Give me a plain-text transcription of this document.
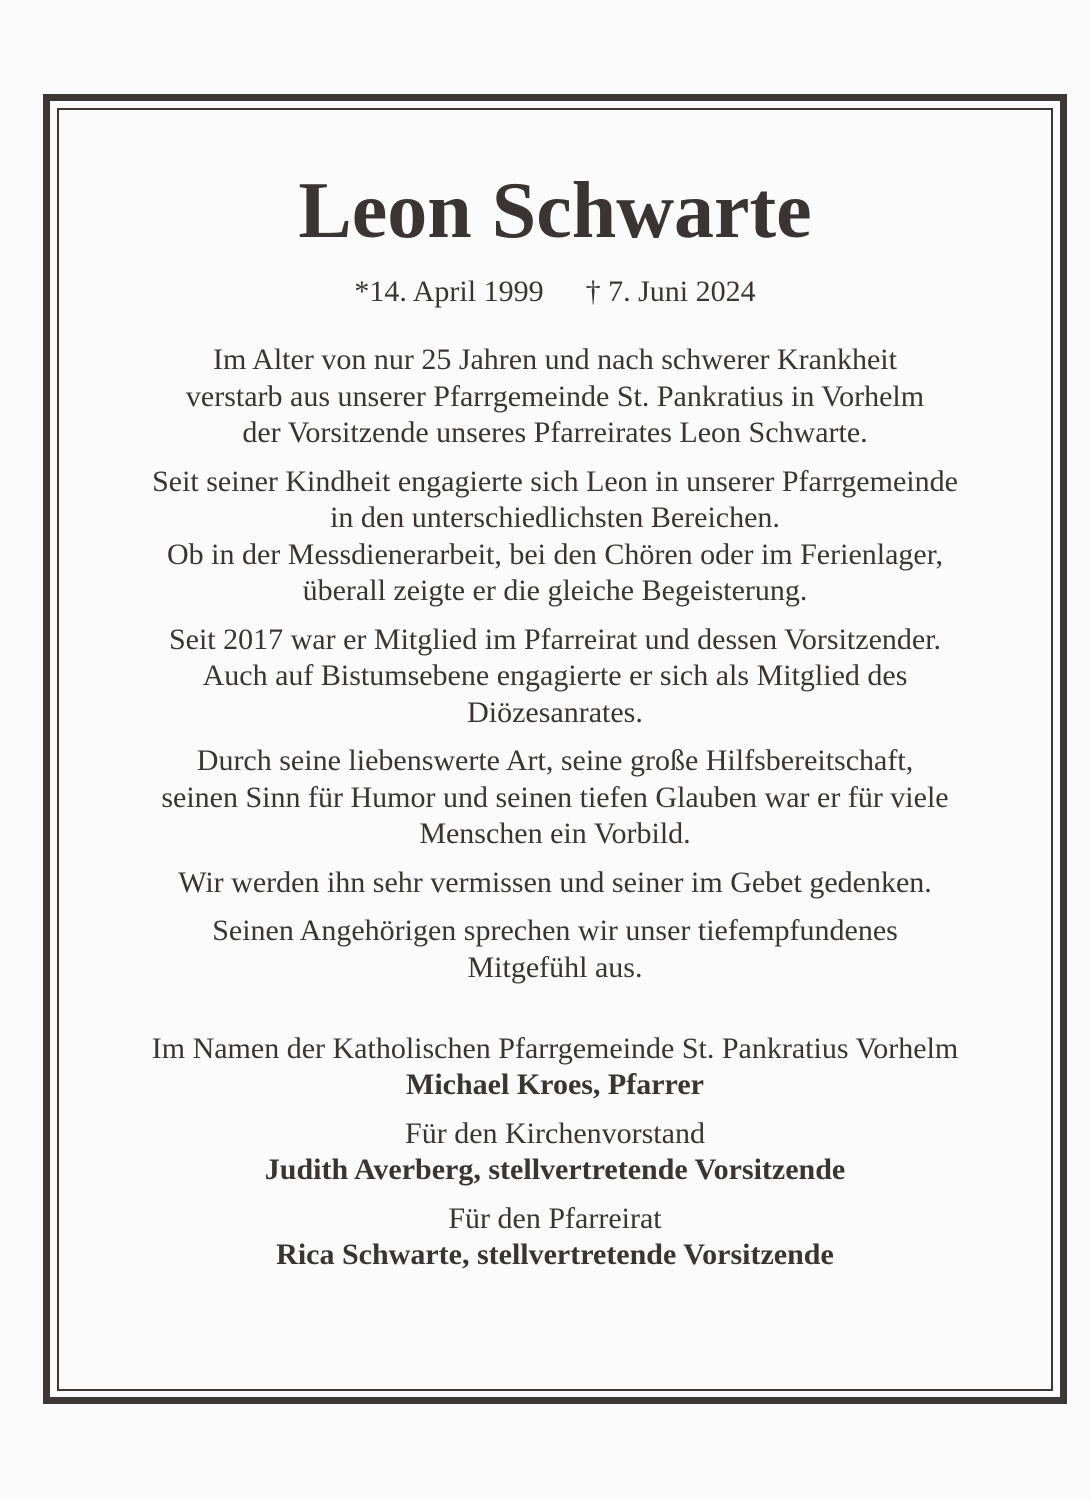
Leon Schwarte
*14. April 1999 † 7. Juni 2024
Im Alter von nur 25 Jahren und nach schwerer Krankheit
verstarb aus unserer Pfarrgemeinde St. Pankratius in Vorhelm
der Vorsitzende unseres Pfarreirates Leon Schwarte.
Seit seiner Kindheit engagierte sich Leon in unserer Pfarrgemeinde
in den unterschiedlichsten Bereichen.
Ob in der Messdienerarbeit, bei den Chören oder im Ferienlager,
überall zeigte er die gleiche Begeisterung.
Seit 2017 war er Mitglied im Pfarreirat und dessen Vorsitzender.
Auch auf Bistumsebene engagierte er sich als Mitglied des
Diözesanrates.
Durch seine liebenswerte Art, seine große Hilfsbereitschaft,
seinen Sinn für Humor und seinen tiefen Glauben war er für viele
Menschen ein Vorbild.
Wir werden ihn sehr vermissen und seiner im Gebet gedenken.
Seinen Angehörigen sprechen wir unser tiefempfundenes
Mitgefühl aus.
Im Namen der Katholischen Pfarrgemeinde St. Pankratius Vorhelm
Michael Kroes, Pfarrer
Für den Kirchenvorstand
Judith Averberg, stellvertretende Vorsitzende
Für den Pfarreirat
Rica Schwarte, stellvertretende Vorsitzende
